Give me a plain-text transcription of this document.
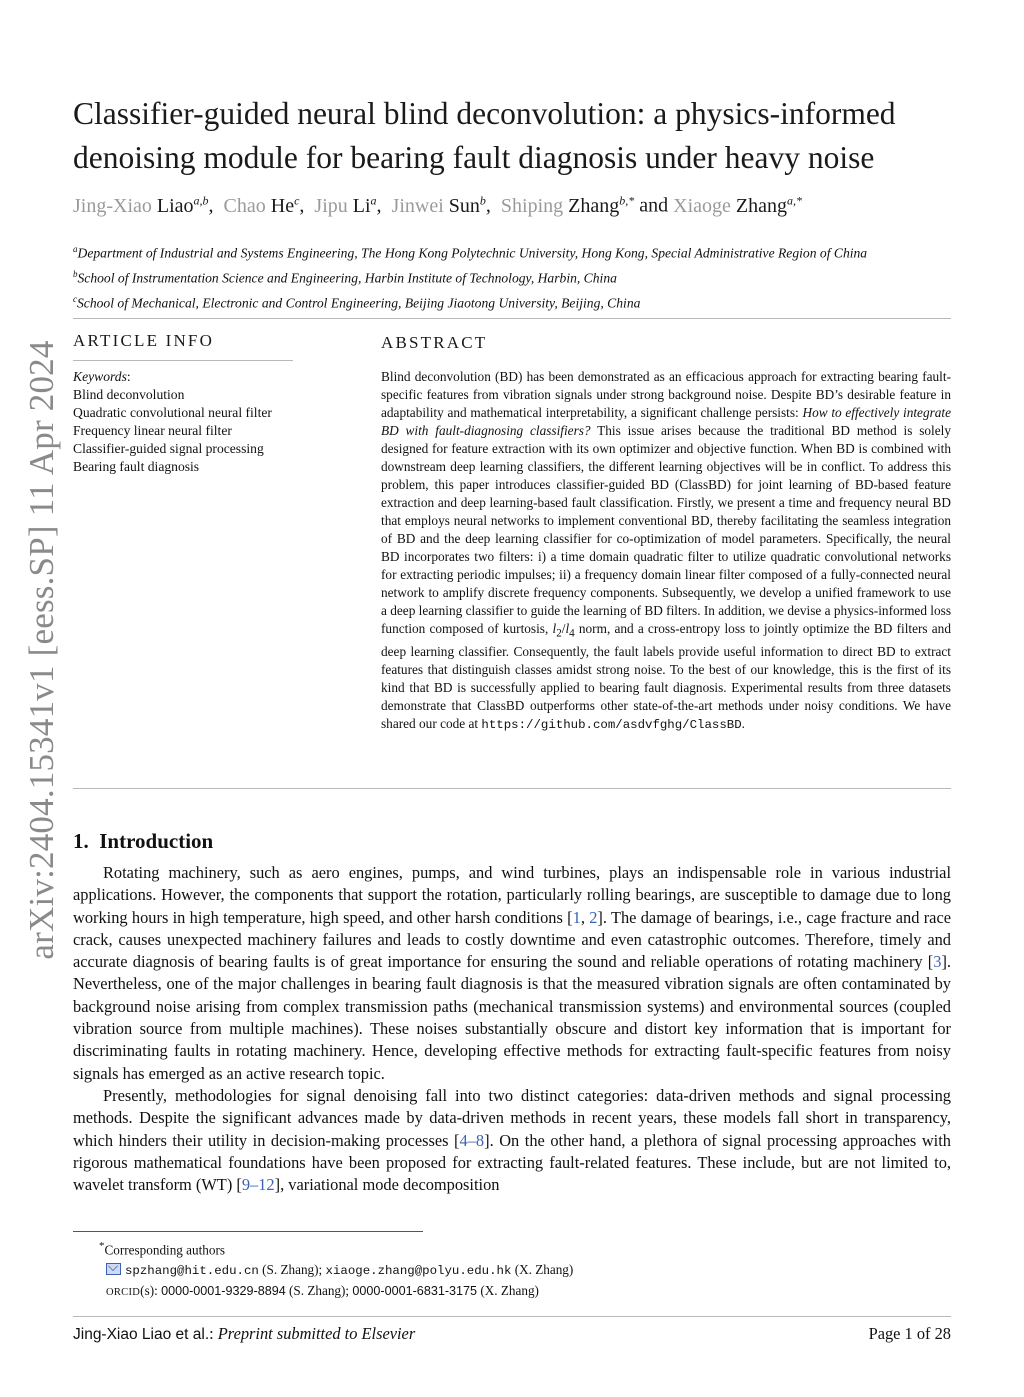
arXiv:2404.15341v1 [eess.SP] 11 Apr 2024
Classifier-guided neural blind deconvolution: a physics-informed denoising module for bearing fault diagnosis under heavy noise
Jing-Xiao Liao$^{a,b}$,  Chao He$^c$,  Jipu Li$^a$,  Jinwei Sun$^b$,  Shiping Zhang$^{b,*}$ and Xiaoge Zhang$^{a,*}$
$^a$Department of Industrial and Systems Engineering, The Hong Kong Polytechnic University, Hong Kong, Special Administrative Region of China
$^b$School of Instrumentation Science and Engineering, Harbin Institute of Technology, Harbin, China
$^c$School of Mechanical, Electronic and Control Engineering, Beijing Jiaotong University, Beijing, China
ARTICLE INFO
Keywords:
Blind deconvolution
Quadratic convolutional neural filter
Frequency linear neural filter
Classifier-guided signal processing
Bearing fault diagnosis
ABSTRACT
Blind deconvolution (BD) has been demonstrated as an efficacious approach for extracting bearing fault-specific features from vibration signals under strong background noise. Despite BD’s desirable feature in adaptability and mathematical interpretability, a significant challenge persists: How to effectively integrate BD with fault-diagnosing classifiers? This issue arises because the traditional BD method is solely designed for feature extraction with its own optimizer and objective function. When BD is combined with downstream deep learning classifiers, the different learning objectives will be in conflict. To address this problem, this paper introduces classifier-guided BD (ClassBD) for joint learning of BD-based feature extraction and deep learning-based fault classification. Firstly, we present a time and frequency neural BD that employs neural networks to implement conventional BD, thereby facilitating the seamless integration of BD and the deep learning classifier for co-optimization of model parameters. Specifically, the neural BD incorporates two filters: i) a time domain quadratic filter to utilize quadratic convolutional networks for extracting periodic impulses; ii) a frequency domain linear filter composed of a fully-connected neural network to amplify discrete frequency components. Subsequently, we develop a unified framework to use a deep learning classifier to guide the learning of BD filters. In addition, we devise a physics-informed loss function composed of kurtosis, $l_2/l_4$ norm, and a cross-entropy loss to jointly optimize the BD filters and deep learning classifier. Consequently, the fault labels provide useful information to direct BD to extract features that distinguish classes amidst strong noise. To the best of our knowledge, this is the first of its kind that BD is successfully applied to bearing fault diagnosis. Experimental results from three datasets demonstrate that ClassBD outperforms other state-of-the-art methods under noisy conditions. We have shared our code at https://github.com/asdvfghg/ClassBD.
1. Introduction

Rotating machinery, such as aero engines, pumps, and wind turbines, plays an indispensable role in various industrial applications. However, the components that support the rotation, particularly rolling bearings, are susceptible to damage due to long working hours in high temperature, high speed, and other harsh conditions [1, 2]. The damage of bearings, i.e., cage fracture and race crack, causes unexpected machinery failures and leads to costly downtime and even catastrophic outcomes. Therefore, timely and accurate diagnosis of bearing faults is of great importance for ensuring the sound and reliable operations of rotating machinery [3]. Nevertheless, one of the major challenges in bearing fault diagnosis is that the measured vibration signals are often contaminated by background noise arising from complex transmission paths (mechanical transmission systems) and environmental sources (coupled vibration source from multiple machines). These noises substantially obscure and distort key information that is important for discriminating faults in rotating machinery. Hence, developing effective methods for extracting fault-specific features from noisy signals has emerged as an active research topic.

Presently, methodologies for signal denoising fall into two distinct categories: data-driven methods and signal processing methods. Despite the significant advances made by data-driven methods in recent years, these models fall short in transparency, which hinders their utility in decision-making processes [4–8]. On the other hand, a plethora of signal processing approaches with rigorous mathematical foundations have been proposed for extracting fault-related features. These include, but are not limited to, wavelet transform (WT) [9–12], variational mode decomposition

*Corresponding authors
spzhang@hit.edu.cn (S. Zhang); xiaoge.zhang@polyu.edu.hk (X. Zhang)
ORCID(s): 0000-0001-9329-8894 (S. Zhang); 0000-0001-6831-3175 (X. Zhang)
Jing-Xiao Liao et al.: Preprint submitted to Elsevier	Page 1 of 28
